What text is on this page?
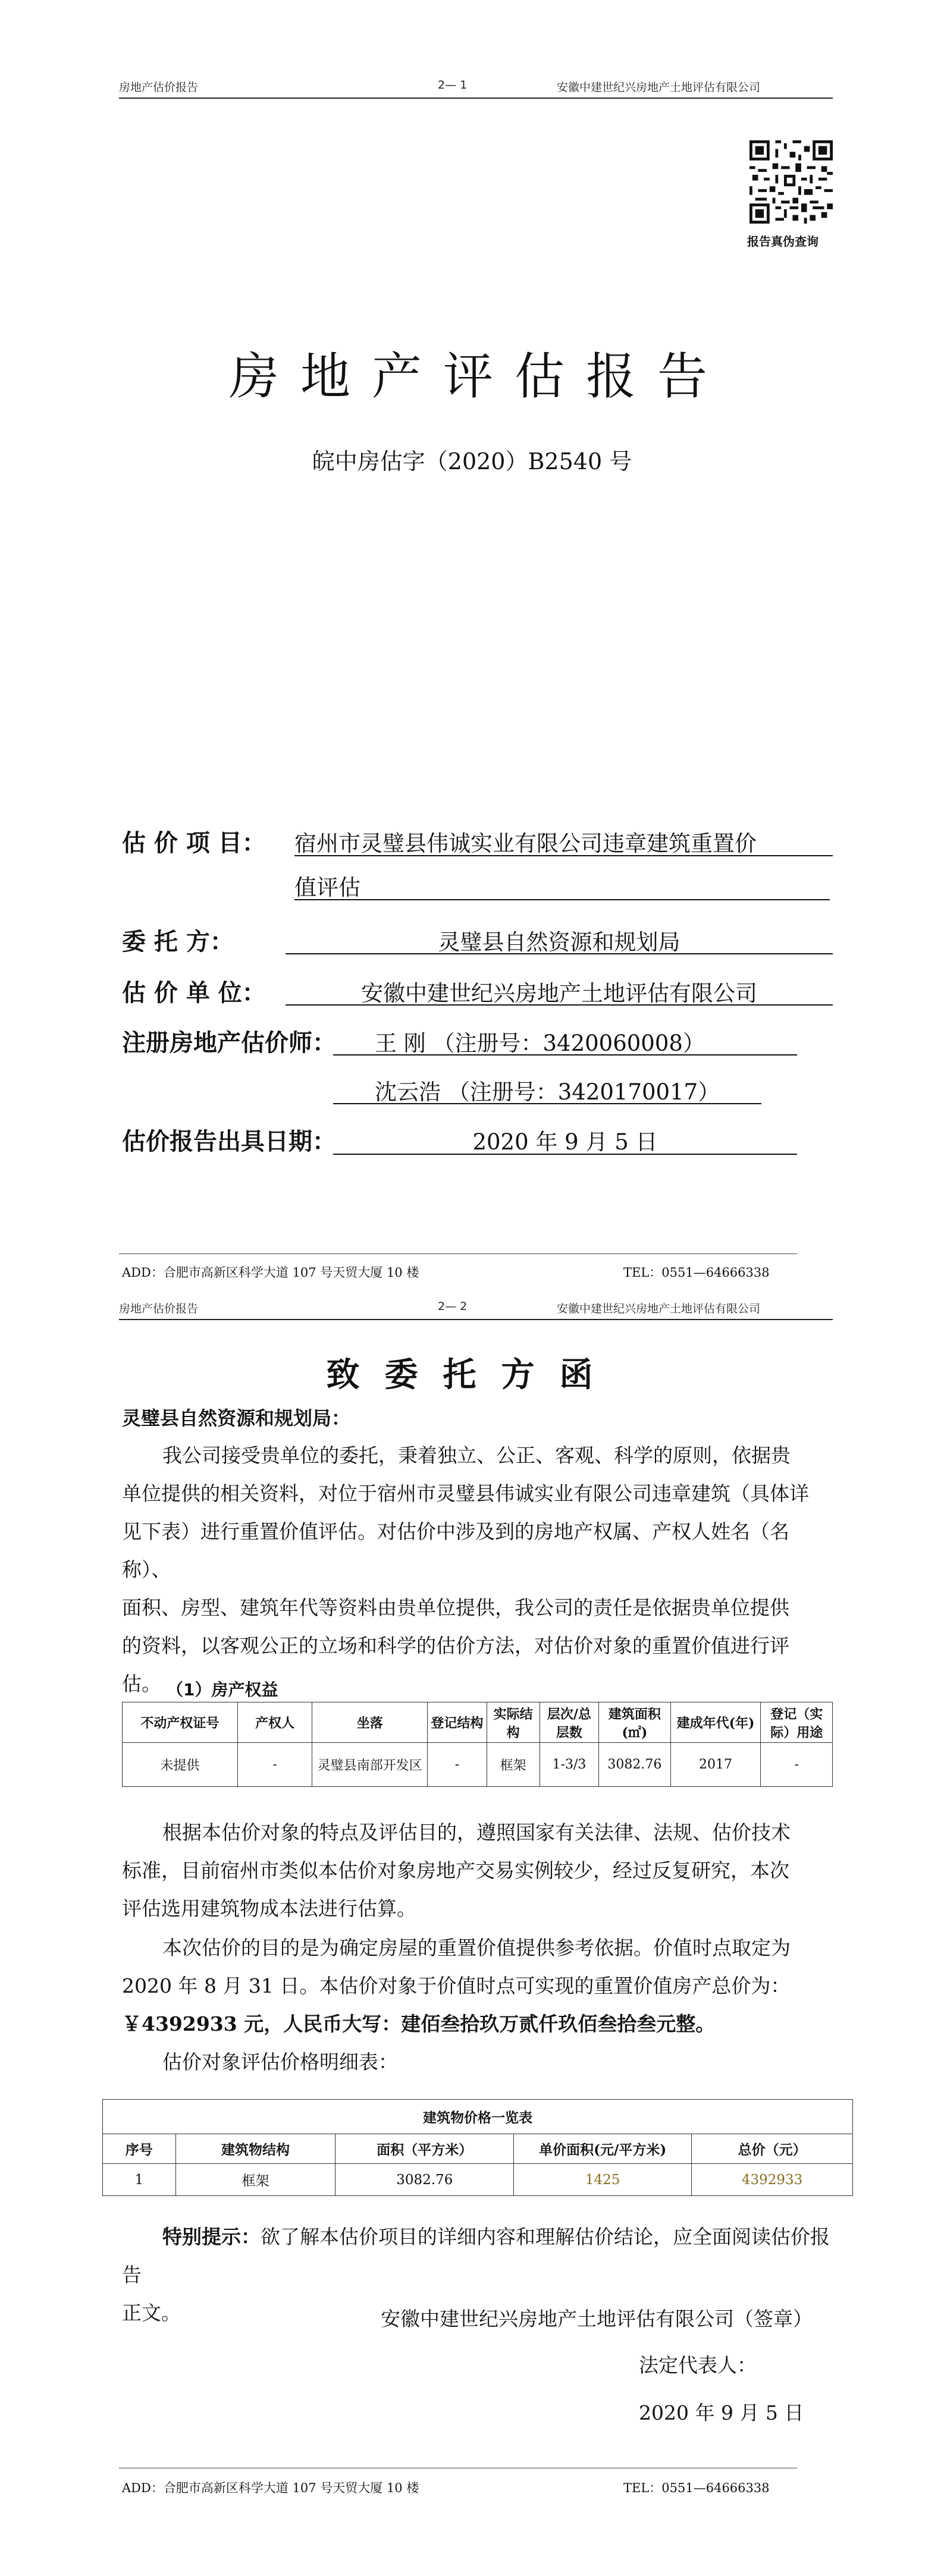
房地产估价报告	2— 1	安徽中建世纪兴房地产土地评估有限公司
报告真伪查询
房地产评估报告
皖中房估字（2020）B2540 号
估 价 项 目： 宿州市灵璧县伟诚实业有限公司违章建筑重置价
值评估
委 托 方：	灵璧县自然资源和规划局
估 价 单 位：	安徽中建世纪兴房地产土地评估有限公司
注册房地产估价师： 王 刚 （注册号：3420060008）
沈云浩 （注册号：3420170017）
估价报告出具日期：	2020 年 9 月 5 日
ADD：合肥市高新区科学大道 107 号天贸大厦 10 楼	TEL：0551—64666338
房地产估价报告	2— 2	安徽中建世纪兴房地产土地评估有限公司
致委托方函
灵璧县自然资源和规划局：
我公司接受贵单位的委托，秉着独立、公正、客观、科学的原则，依据贵
单位提供的相关资料，对位于宿州市灵璧县伟诚实业有限公司违章建筑（具体详
见下表）进行重置价值评估。对估价中涉及到的房地产权属、产权人姓名（名称）、
面积、房型、建筑年代等资料由贵单位提供，我公司的责任是依据贵单位提供
的资料，以客观公正的立场和科学的估价方法，对估价对象的重置价值进行评
估。 （1）房产权益
不动产权证号	产权人	坐落	登记结构	实际结构	层次/总层数	建筑面积(㎡)	建成年代(年)	登记（实际）用途
未提供	-	灵璧县南部开发区	-	框架	1-3/3	3082.76	2017	-
根据本估价对象的特点及评估目的，遵照国家有关法律、法规、估价技术
标准，目前宿州市类似本估价对象房地产交易实例较少，经过反复研究，本次
评估选用建筑物成本法进行估算。
本次估价的目的是为确定房屋的重置价值提供参考依据。价值时点取定为
2020 年 8 月 31 日。本估价对象于价值时点可实现的重置价值房产总价为：
￥4392933 元，人民币大写：建佰叁拾玖万贰仟玖佰叁拾叁元整。
估价对象评估价格明细表：
建筑物价格一览表				
序号	建筑物结构	面积（平方米）	单价面积(元/平方米)	总价（元）
1	框架	3082.76	1425	4392933
特别提示：欲了解本估价项目的详细内容和理解估价结论，应全面阅读估价报告
正文。	安徽中建世纪兴房地产土地评估有限公司（签章）
法定代表人：
2020 年 9 月 5 日
ADD：合肥市高新区科学大道 107 号天贸大厦 10 楼	TEL：0551—64666338
